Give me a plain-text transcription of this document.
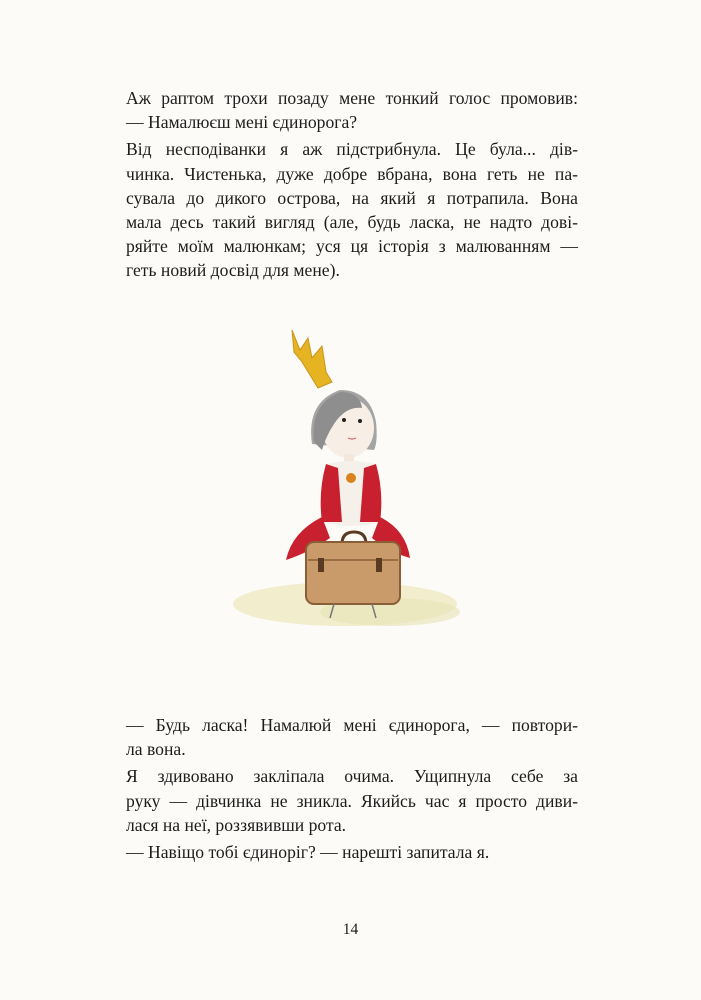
Аж раптом трохи позаду мене тонкий голос промовив:
— Намалюєш мені єдинорога?
Від несподіванки я аж підстрибнула. Це була... дів-
чинка. Чистенька, дуже добре вбрана, вона геть не па-
сувала до дикого острова, на який я потрапила. Вона
мала десь такий вигляд (але, будь ласка, не надто дові-
ряйте моїм малюнкам; уся ця історія з малюванням —
геть новий досвід для мене).
— Будь ласка! Намалюй мені єдинорога, — повтори-
ла вона.
Я здивовано закліпала очима. Ущипнула себе за
руку — дівчинка не зникла. Якийсь час я просто диви-
лася на неї, роззявивши рота.
— Навіщо тобі єдиноріг? — нарешті запитала я.
14
